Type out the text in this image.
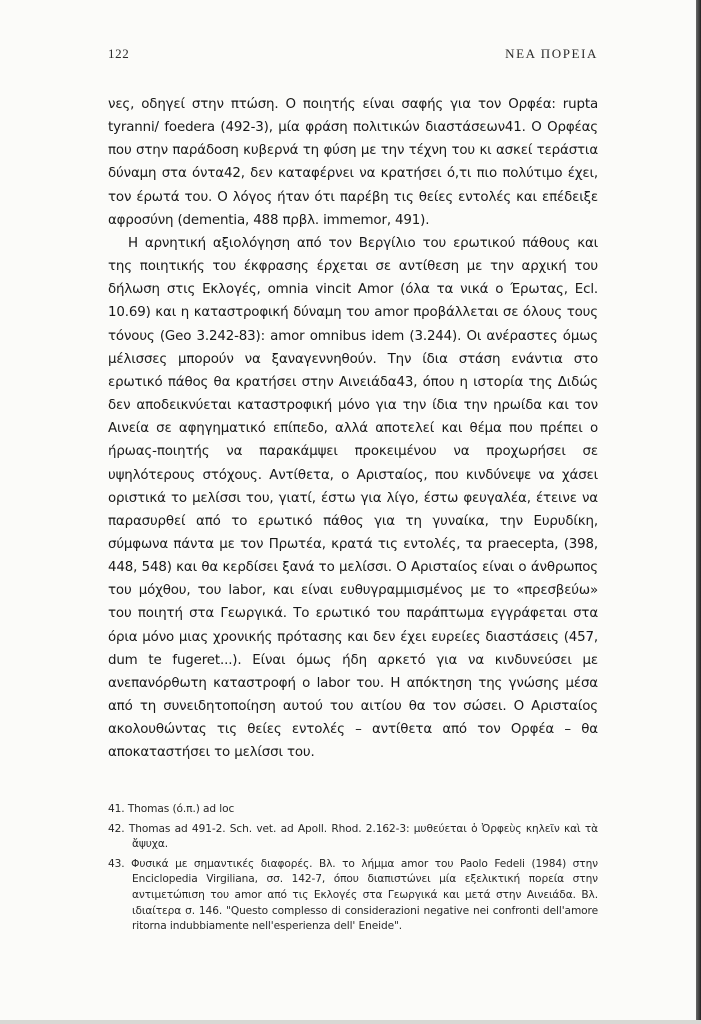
122	ΝΕΑ ΠΟΡΕΙΑ

νες, οδηγεί στην πτώση. Ο ποιητής είναι σαφής για τον Ορφέα: rupta tyranni/ foedera (492-3), μία φράση πολιτικών διαστάσεων41. Ο Ορφέας που στην παράδοση κυβερνά τη φύση με την τέχνη του κι ασκεί τεράστια δύναμη στα όντα42, δεν καταφέρνει να κρατήσει ό,τι πιο πολύτιμο έχει, τον έρωτά του. Ο λόγος ήταν ότι παρέβη τις θείες εντολές και επέδειξε αφροσύνη (dementia, 488 πρβλ. immemor, 491).

Η αρνητική αξιολόγηση από τον Βεργίλιο του ερωτικού πάθους και της ποιητικής του έκφρασης έρχεται σε αντίθεση με την αρχική του δήλωση στις Εκλογές, omnia vincit Amor (όλα τα νικά ο Έρωτας, Ecl. 10.69) και η καταστροφική δύναμη του amor προβάλλεται σε όλους τους τόνους (Geo 3.242-83): amor omnibus idem (3.244). Οι ανέραστες όμως μέλισσες μπορούν να ξαναγεννηθούν. Την ίδια στάση ενάντια στο ερωτικό πάθος θα κρατήσει στην Αινειάδα43, όπου η ιστορία της Διδώς δεν αποδεικνύεται καταστροφική μόνο για την ίδια την ηρωίδα και τον Αινεία σε αφηγηματικό επίπεδο, αλλά αποτελεί και θέμα που πρέπει ο ήρωας-ποιητής να παρακάμψει προκειμένου να προχωρήσει σε υψηλότερους στόχους. Αντίθετα, ο Αρισταίος, που κινδύνεψε να χάσει οριστικά το μελίσσι του, γιατί, έστω για λίγο, έστω φευγαλέα, έτεινε να παρασυρθεί από το ερωτικό πάθος για τη γυναίκα, την Ευρυδίκη, σύμφωνα πάντα με τον Πρωτέα, κρατά τις εντολές, τα praecepta, (398, 448, 548) και θα κερδίσει ξανά το μελίσσι. Ο Αρισταίος είναι ο άνθρωπος του μόχθου, του labor, και είναι ευθυγραμμισμένος με το «πρεσβεύω» του ποιητή στα Γεωργικά. Το ερωτικό του παράπτωμα εγγράφεται στα όρια μόνο μιας χρονικής πρότασης και δεν έχει ευρείες διαστάσεις (457, dum te fugeret...). Είναι όμως ήδη αρκετό για να κινδυνεύσει με ανεπανόρθωτη καταστροφή ο labor του. Η απόκτηση της γνώσης μέσα από τη συνειδητοποίηση αυτού του αιτίου θα τον σώσει. Ο Αρισταίος ακολουθώντας τις θείες εντολές – αντίθετα από τον Ορφέα – θα αποκαταστήσει το μελίσσι του.

41. Thomas (ό.π.) ad loc

42. Thomas ad 491-2. Sch. vet. ad Apoll. Rhod. 2.162-3: μυθεύεται ὁ Ὀρφεὺς κηλεῖν καὶ τὰ ἄψυχα.

43. Φυσικά με σημαντικές διαφορές. Βλ. το λήμμα amor του Paolo Fedeli (1984) στην Enciclopedia Virgiliana, σσ. 142-7, όπου διαπιστώνει μία εξελικτική πορεία στην αντιμετώπιση του amor από τις Εκλογές στα Γεωργικά και μετά στην Αινειάδα. Βλ. ιδιαίτερα σ. 146. "Questo complesso di considerazioni negative nei confronti dell'amore ritorna indubbiamente nell'esperienza dell' Eneide".
